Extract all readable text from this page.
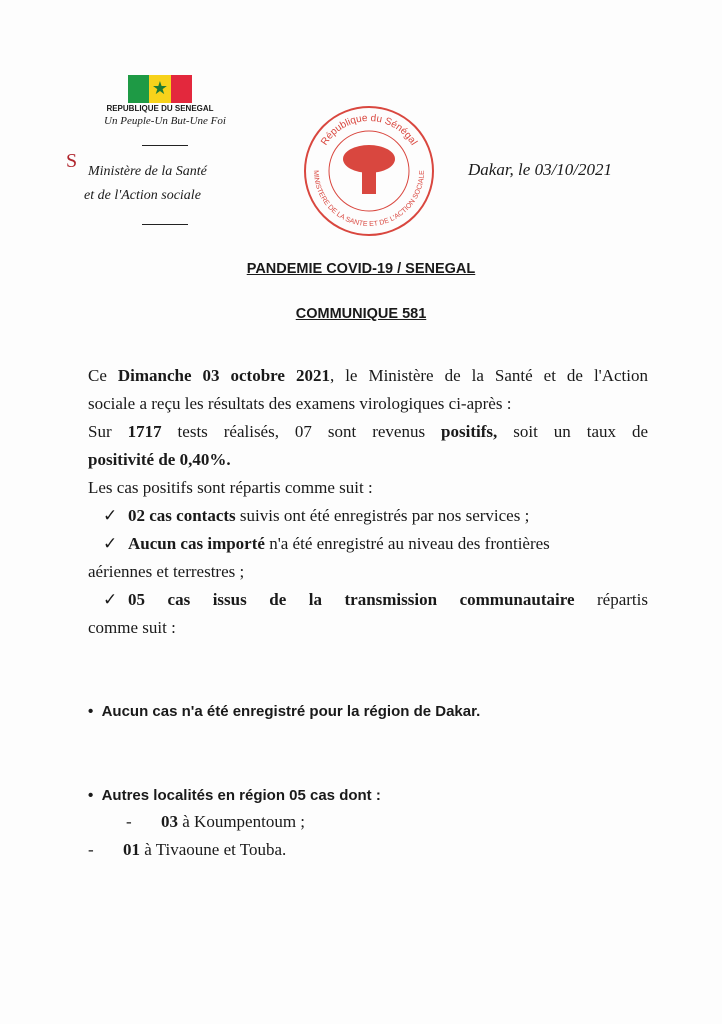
★
REPUBLIQUE DU SENEGAL
Un Peuple-Un But-Une Foi
Ѕ Ministère de la Santé
et de l'Action sociale
République du Sénégal
MINISTERE DE LA SANTE ET DE L'ACTION SOCIALE Dakar, le 03/10/2021
PANDEMIE COVID-19 / SENEGAL
COMMUNIQUE 581

Ce Dimanche 03 octobre 2021, le Ministère de la Santé et de l'Action

sociale a reçu les résultats des examens virologiques ci-après :

Sur 1717 tests réalisés, 07 sont revenus positifs, soit un taux de

positivité de 0,40%.

Les cas positifs sont répartis comme suit :

✓ 02 cas contacts suivis ont été enregistrés par nos services ;
✓ Aucun cas importé n'a été enregistré au niveau des frontières

aériennes et terrestres ;

✓ 05 cas issus de la transmission communautaire répartis

comme suit :

•  Aucun cas n'a été enregistré pour la région de Dakar.

•  Autres localités en région 05 cas dont :

- 03 à Koumpentoum ;

- 01 à Tivaoune et Touba.
